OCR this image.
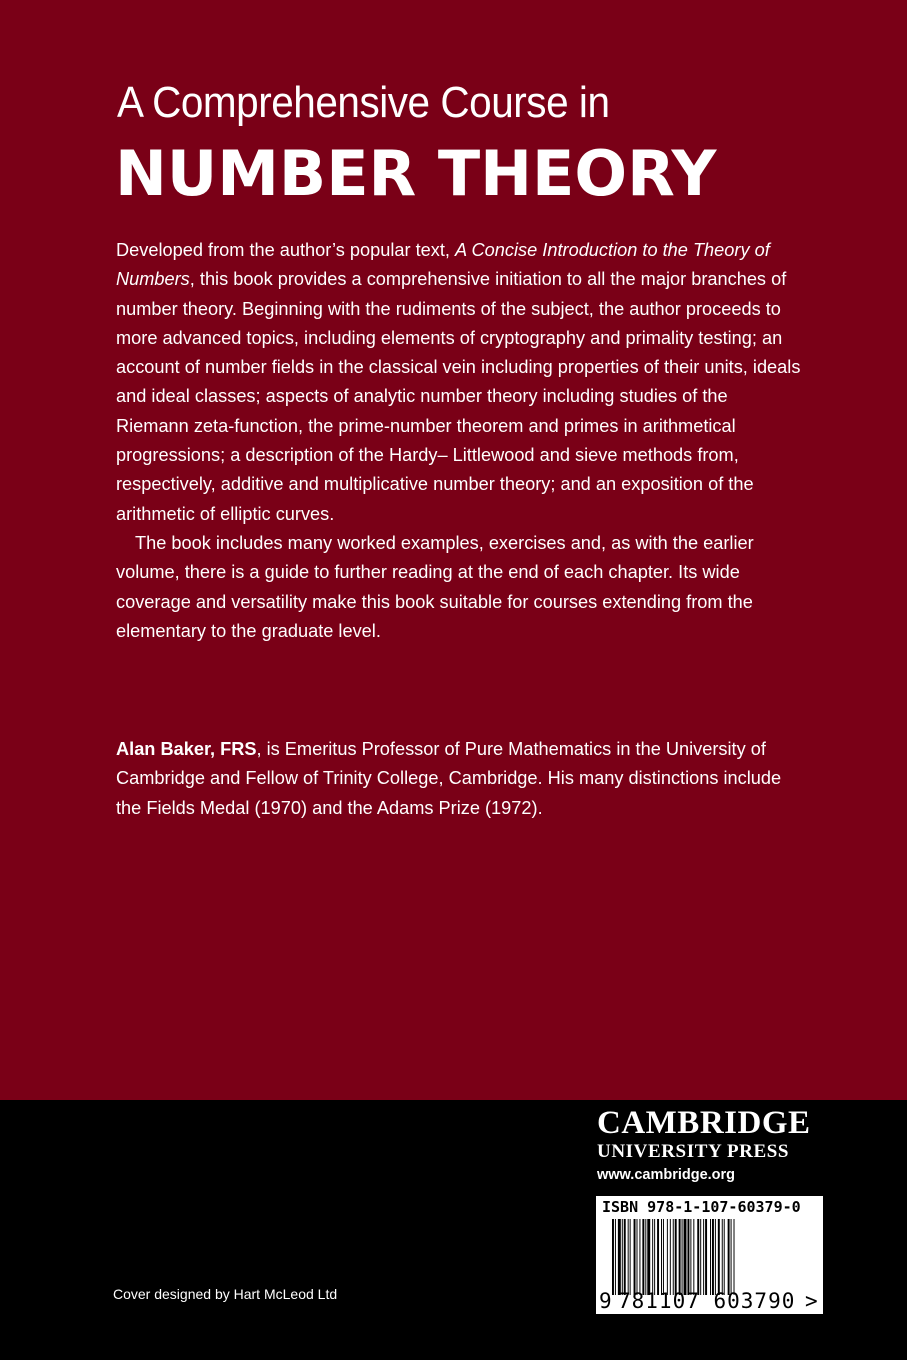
A Comprehensive Course in
NUMBER THEORY

Developed from the author’s popular text, A Concise Introduction to the Theory of Numbers, this book provides a comprehensive initiation to all the major branches of number theory. Beginning with the rudiments of the subject, the author proceeds to more advanced topics, including elements of cryptography and primality testing; an account of number fields in the classical vein including properties of their units, ideals and ideal classes; aspects of analytic number theory including studies of the Riemann zeta-function, the prime-number theorem and primes in arithmetical progressions; a description of the Hardy– Littlewood and sieve methods from, respectively, additive and multiplicative number theory; and an exposition of the arithmetic of elliptic curves.

The book includes many worked examples, exercises and, as with the earlier volume, there is a guide to further reading at the end of each chapter. Its wide coverage and versatility make this book suitable for courses extending from the elementary to the graduate level.

Alan Baker, FRS, is Emeritus Professor of Pure Mathematics in the University of Cambridge and Fellow of Trinity College, Cambridge. His many distinctions include the Fields Medal (1970) and the Adams Prize (1972).

Cover designed by Hart McLeod Ltd
CAMBRIDGE
UNIVERSITY PRESS
www.cambridge.org
ISBN 978-1-107-60379-0
9 781107 603790 >
